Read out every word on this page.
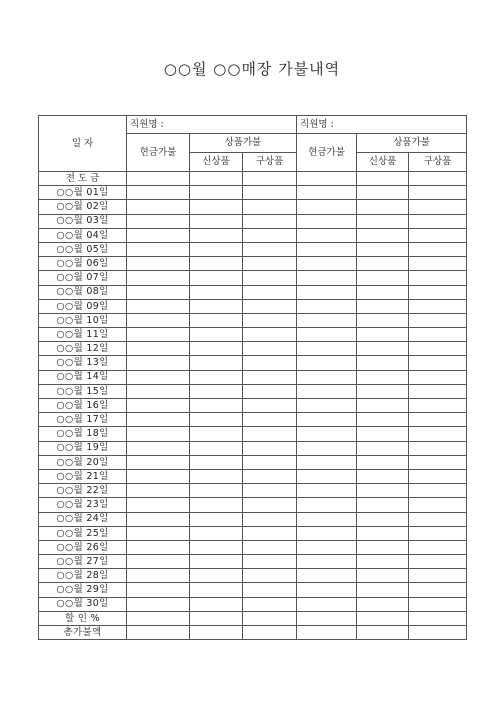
○○월 ○○매장 가불내역
일 자	직원명 :			직원명 :		
	현금가불	상품가불		현금가불	상품가불	
		신상품	구상품		신상품	구상품
전 도 금						
○○월 01일						
○○월 02일						
○○월 03일						
○○월 04일						
○○월 05일						
○○월 06일						
○○월 07일						
○○월 08일						
○○월 09일						
○○월 10일						
○○월 11일						
○○월 12일						
○○월 13일						
○○월 14일						
○○월 15일						
○○월 16일						
○○월 17일						
○○월 18일						
○○월 19일						
○○월 20일						
○○월 21일						
○○월 22일						
○○월 23일						
○○월 24일						
○○월 25일						
○○월 26일						
○○월 27일						
○○월 28일						
○○월 29일						
○○월 30일						
할 인 %						
총가불액						
